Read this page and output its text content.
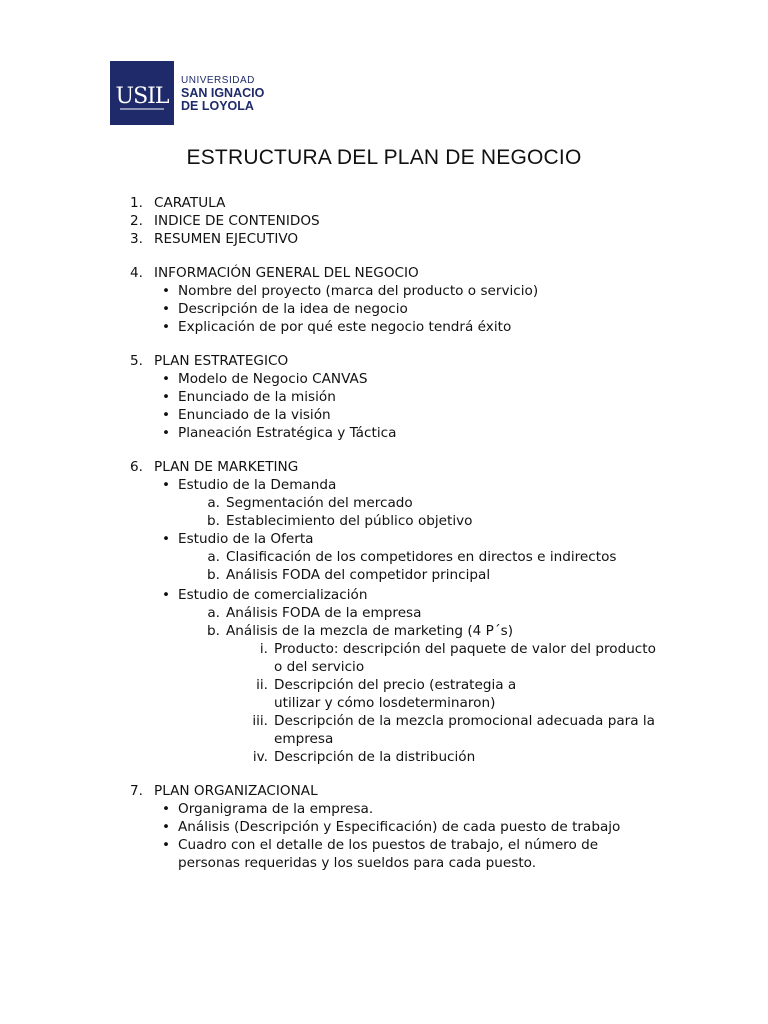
USIL
UNIVERSIDAD
SAN IGNACIO
DE LOYOLA
ESTRUCTURA DEL PLAN DE NEGOCIO
1. CARATULA
2. INDICE DE CONTENIDOS
3. RESUMEN EJECUTIVO
4. INFORMACIÓN GENERAL DEL NEGOCIO
• Nombre del proyecto (marca del producto o servicio)
• Descripción de la idea de negocio
• Explicación de por qué este negocio tendrá éxito
5. PLAN ESTRATEGICO
• Modelo de Negocio CANVAS
• Enunciado de la misión
• Enunciado de la visión
• Planeación Estratégica y Táctica
6. PLAN DE MARKETING
• Estudio de la Demanda
a. Segmentación del mercado
b. Establecimiento del público objetivo
• Estudio de la Oferta
a. Clasificación de los competidores en directos e indirectos
b. Análisis FODA del competidor principal
• Estudio de comercialización
a. Análisis FODA de la empresa
b. Análisis de la mezcla de marketing (4 P´s)
i. Producto: descripción del paquete de valor del producto
o del servicio
ii. Descripción del precio (estrategia a
utilizar y cómo losdeterminaron)
iii. Descripción de la mezcla promocional adecuada para la
empresa
iv. Descripción de la distribución
7. PLAN ORGANIZACIONAL
• Organigrama de la empresa.
• Análisis (Descripción y Especificación) de cada puesto de trabajo
• Cuadro con el detalle de los puestos de trabajo, el número de
personas requeridas y los sueldos para cada puesto.
